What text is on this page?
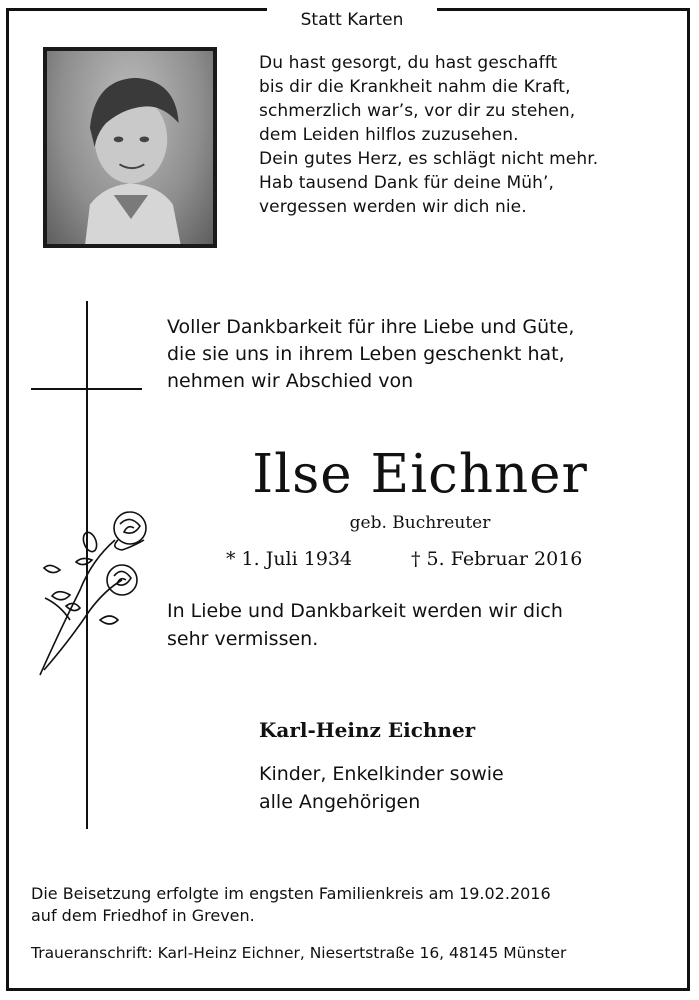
Statt Karten
Du hast gesorgt, du hast geschafft
bis dir die Krankheit nahm die Kraft,
schmerzlich war’s, vor dir zu stehen,
dem Leiden hilflos zuzusehen.
Dein gutes Herz, es schlägt nicht mehr.
Hab tausend Dank für deine Müh’,
vergessen werden wir dich nie.
Voller Dankbarkeit für ihre Liebe und Güte,
die sie uns in ihrem Leben geschenkt hat,
nehmen wir Abschied von
Ilse Eichner
geb. Buchreuter
* 1. Juli 1934	† 5. Februar 2016
In Liebe und Dankbarkeit werden wir dich
sehr vermissen.
Karl-Heinz Eichner
Kinder, Enkelkinder sowie
alle Angehörigen
Die Beisetzung erfolgte im engsten Familienkreis am 19.02.2016
auf dem Friedhof in Greven.
Traueranschrift: Karl-Heinz Eichner, Niesertstraße 16, 48145 Münster
